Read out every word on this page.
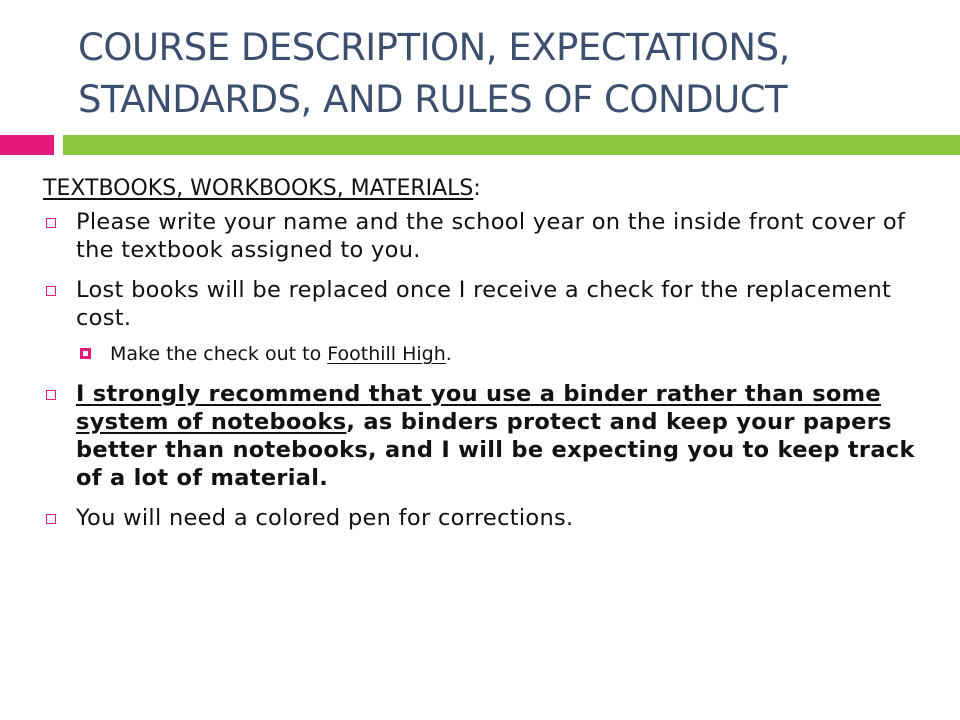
COURSE DESCRIPTION, EXPECTATIONS, STANDARDS, AND RULES OF CONDUCT

TEXTBOOKS, WORKBOOKS, MATERIALS:

Please write your name and the school year on the inside front cover of the textbook assigned to you.
Lost books will be replaced once I receive a check for the replacement cost.
Make the check out to Foothill High.
I strongly recommend that you use a binder rather than some system of notebooks, as binders protect and keep your papers better than notebooks, and I will be expecting you to keep track of a lot of material.
You will need a colored pen for corrections.
